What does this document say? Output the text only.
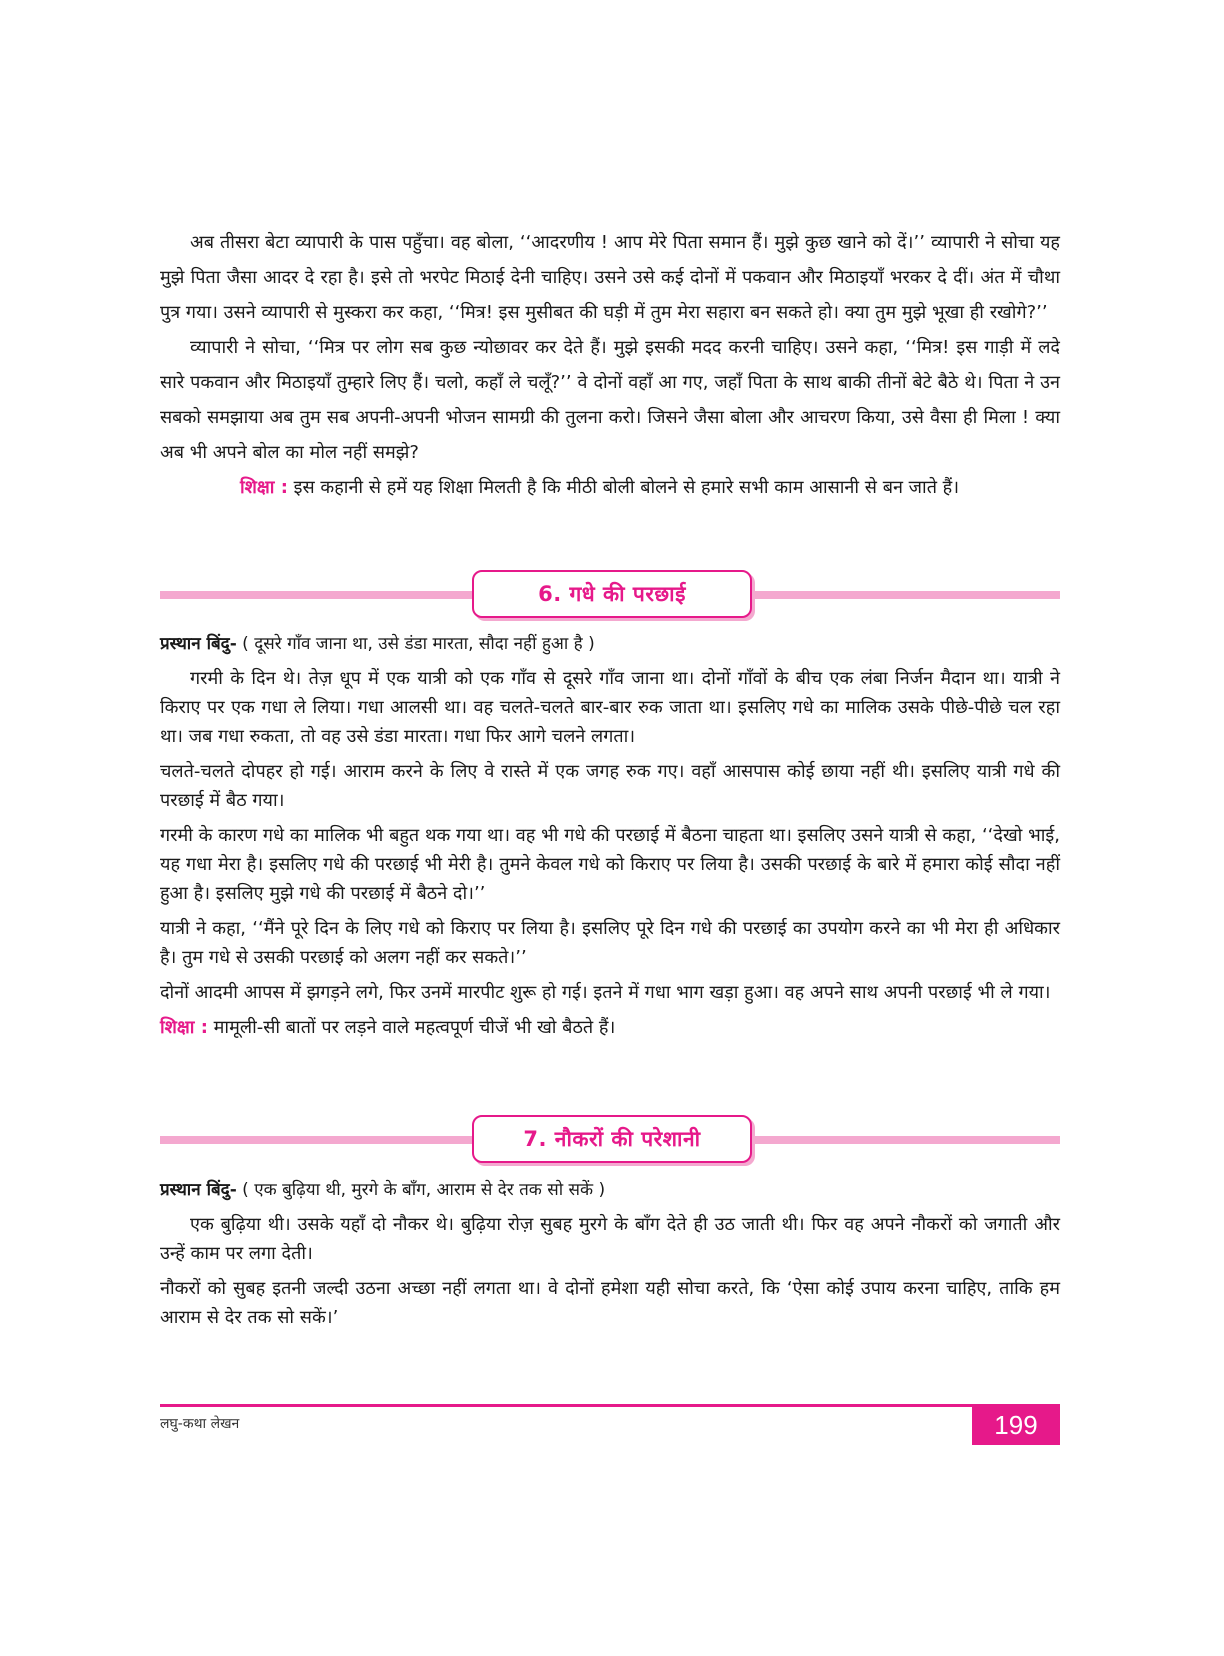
अब तीसरा बेटा व्यापारी के पास पहुँचा। वह बोला, ‘‘आदरणीय ! आप मेरे पिता समान हैं। मुझे कुछ खाने को दें।’’ व्यापारी ने सोचा यह मुझे पिता जैसा आदर दे रहा है। इसे तो भरपेट मिठाई देनी चाहिए। उसने उसे कई दोनों में पकवान और मिठाइयाँ भरकर दे दीं। अंत में चौथा पुत्र गया। उसने व्यापारी से मुस्करा कर कहा, ‘‘मित्र! इस मुसीबत की घड़ी में तुम मेरा सहारा बन सकते हो। क्या तुम मुझे भूखा ही रखोगे?’’

व्यापारी ने सोचा, ‘‘मित्र पर लोग सब कुछ न्योछावर कर देते हैं। मुझे इसकी मदद करनी चाहिए। उसने कहा, ‘‘मित्र! इस गाड़ी में लदे सारे पकवान और मिठाइयाँ तुम्हारे लिए हैं। चलो, कहाँ ले चलूँ?’’ वे दोनों वहाँ आ गए, जहाँ पिता के साथ बाकी तीनों बेटे बैठे थे। पिता ने उन सबको समझाया अब तुम सब अपनी-अपनी भोजन सामग्री की तुलना करो। जिसने जैसा बोला और आचरण किया, उसे वैसा ही मिला ! क्या अब भी अपने बोल का मोल नहीं समझे?

शिक्षा : इस कहानी से हमें यह शिक्षा मिलती है कि मीठी बोली बोलने से हमारे सभी काम आसानी से बन जाते हैं।

6. गधे की परछाई

प्रस्थान बिंदु- ( दूसरे गाँव जाना था, उसे डंडा मारता, सौदा नहीं हुआ है )

गरमी के दिन थे। तेज़ धूप में एक यात्री को एक गाँव से दूसरे गाँव जाना था। दोनों गाँवों के बीच एक लंबा निर्जन मैदान था। यात्री ने किराए पर एक गधा ले लिया। गधा आलसी था। वह चलते-चलते बार-बार रुक जाता था। इसलिए गधे का मालिक उसके पीछे-पीछे चल रहा था। जब गधा रुकता, तो वह उसे डंडा मारता। गधा फिर आगे चलने लगता।

चलते-चलते दोपहर हो गई। आराम करने के लिए वे रास्ते में एक जगह रुक गए। वहाँ आसपास कोई छाया नहीं थी। इसलिए यात्री गधे की परछाई में बैठ गया।

गरमी के कारण गधे का मालिक भी बहुत थक गया था। वह भी गधे की परछाई में बैठना चाहता था। इसलिए उसने यात्री से कहा, ‘‘देखो भाई, यह गधा मेरा है। इसलिए गधे की परछाई भी मेरी है। तुमने केवल गधे को किराए पर लिया है। उसकी परछाई के बारे में हमारा कोई सौदा नहीं हुआ है। इसलिए मुझे गधे की परछाई में बैठने दो।’’

यात्री ने कहा, ‘‘मैंने पूरे दिन के लिए गधे को किराए पर लिया है। इसलिए पूरे दिन गधे की परछाई का उपयोग करने का भी मेरा ही अधिकार है। तुम गधे से उसकी परछाई को अलग नहीं कर सकते।’’

दोनों आदमी आपस में झगड़ने लगे, फिर उनमें मारपीट शुरू हो गई। इतने में गधा भाग खड़ा हुआ। वह अपने साथ अपनी परछाई भी ले गया।

शिक्षा : मामूली-सी बातों पर लड़ने वाले महत्वपूर्ण चीजें भी खो बैठते हैं।

7. नौकरों की परेशानी

प्रस्थान बिंदु- ( एक बुढ़िया थी, मुरगे के बाँग, आराम से देर तक सो सकें )

एक बुढ़िया थी। उसके यहाँ दो नौकर थे। बुढ़िया रोज़ सुबह मुरगे के बाँग देते ही उठ जाती थी। फिर वह अपने नौकरों को जगाती और उन्हें काम पर लगा देती।

नौकरों को सुबह इतनी जल्दी उठना अच्छा नहीं लगता था। वे दोनों हमेशा यही सोचा करते, कि ‘ऐसा कोई उपाय करना चाहिए, ताकि हम आराम से देर तक सो सकें।’

लघु-कथा लेखन	199
